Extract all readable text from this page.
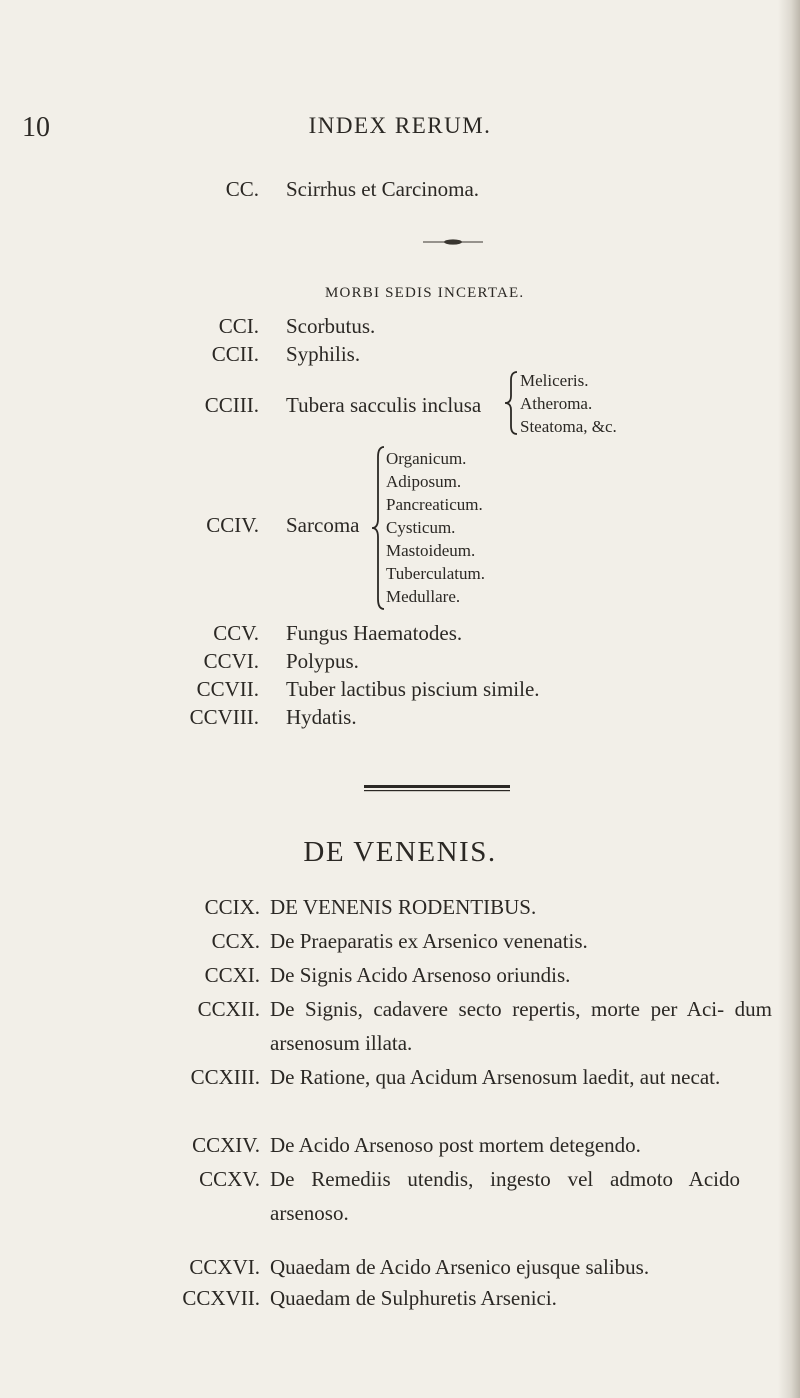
10	INDEX RERUM.
CC. Scirrhus et Carcinoma.
MORBI SEDIS INCERTAE.
CCI. Scorbutus.
CCII. Syphilis.
CCIII. Tubera sacculis inclusa
Meliceris.
Atheroma.
Steatoma, &c.
CCIV. Sarcoma
Organicum.
Adiposum.
Pancreaticum.
Cysticum.
Mastoideum.
Tuberculatum.
Medullare.
CCV. Fungus Haematodes.
CCVI. Polypus.
CCVII. Tuber lactibus piscium simile.
CCVIII. Hydatis.
DE VENENIS.
CCIX. DE VENENIS RODENTIBUS.
CCX. De Praeparatis ex Arsenico venenatis.
CCXI. De Signis Acido Arsenoso oriundis.
CCXII. De Signis, cadavere secto repertis, morte per Aci- dum arsenosum illata.
CCXIII. De Ratione, qua Acidum Arsenosum laedit, aut necat.
CCXIV. De Acido Arsenoso post mortem detegendo.
CCXV. De Remediis utendis, ingesto vel admoto Acido arsenoso.
CCXVI. Quaedam de Acido Arsenico ejusque salibus.
CCXVII. Quaedam de Sulphuretis Arsenici.
